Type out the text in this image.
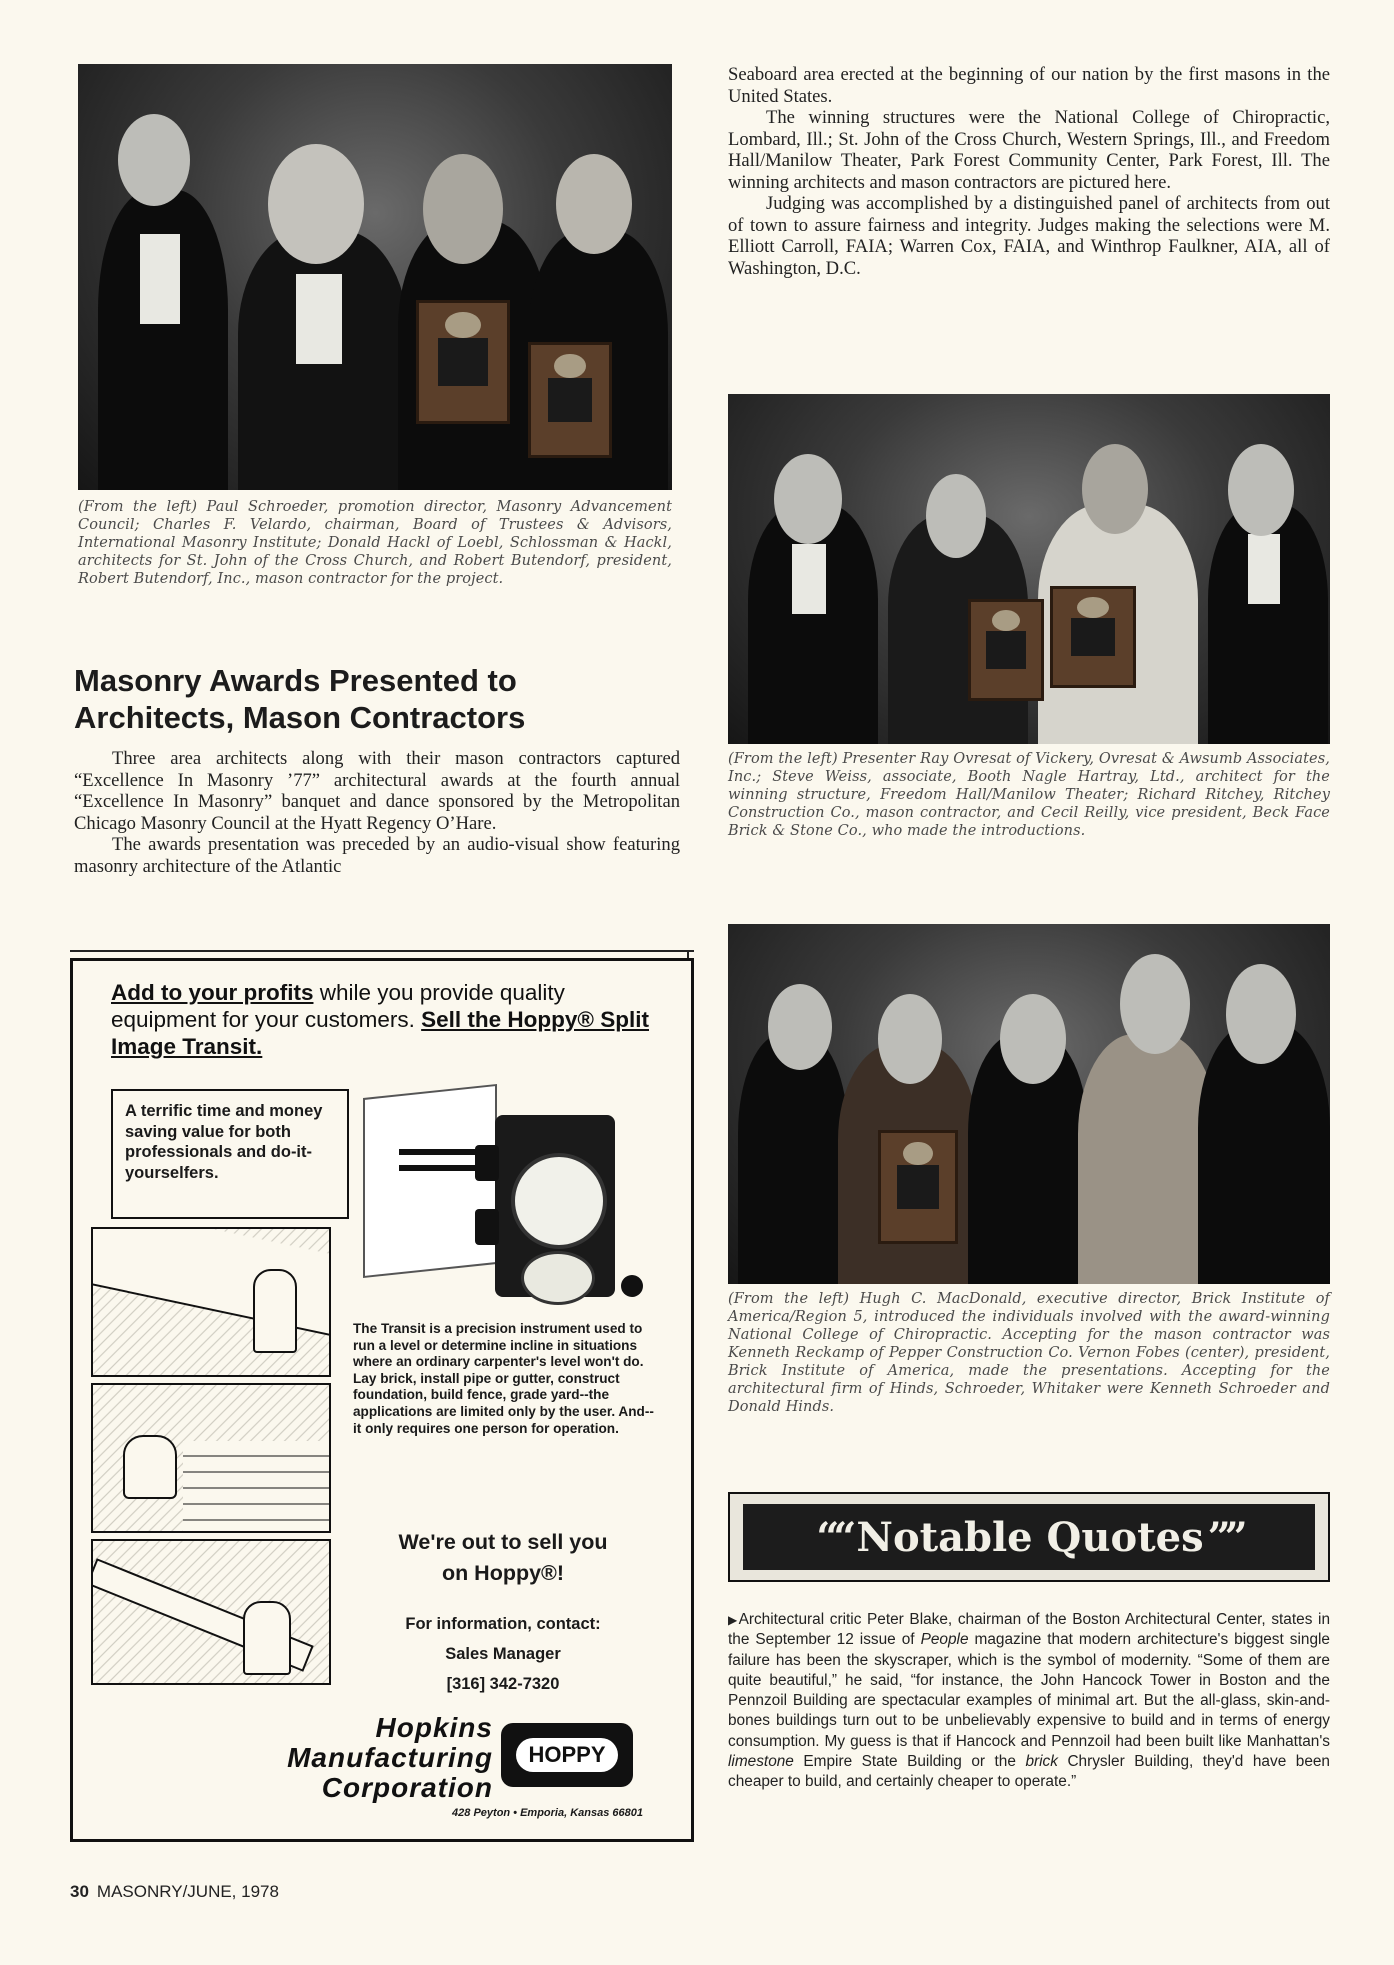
(From the left) Paul Schroeder, promotion director, Masonry Advancement Council; Charles F. Velardo, chairman, Board of Trustees & Advisors, International Masonry Institute; Donald Hackl of Loebl, Schlossman & Hackl, architects for St. John of the Cross Church, and Robert Butendorf, president, Robert Butendorf, Inc., mason contractor for the project.
Masonry Awards Presented to Architects, Mason Contractors

Three area architects along with their mason contractors captured “Excellence In Masonry ’77” architectural awards at the fourth annual “Excellence In Masonry” banquet and dance sponsored by the Metropolitan Chicago Masonry Council at the Hyatt Regency O’Hare.

The awards presentation was preceded by an audio-visual show featuring masonry architecture of the Atlantic

Seaboard area erected at the beginning of our nation by the first masons in the United States.

The winning structures were the National College of Chiropractic, Lombard, Ill.; St. John of the Cross Church, Western Springs, Ill., and Freedom Hall/Manilow Theater, Park Forest Community Center, Park Forest, Ill. The winning architects and mason contractors are pictured here.

Judging was accomplished by a distinguished panel of architects from out of town to assure fairness and integrity. Judges making the selections were M. Elliott Carroll, FAIA; Warren Cox, FAIA, and Winthrop Faulkner, AIA, all of Washington, D.C.

(From the left) Presenter Ray Ovresat of Vickery, Ovresat & Awsumb Associates, Inc.; Steve Weiss, associate, Booth Nagle Hartray, Ltd., architect for the winning structure, Freedom Hall/Manilow Theater; Richard Ritchey, Ritchey Construction Co., mason contractor, and Cecil Reilly, vice president, Beck Face Brick & Stone Co., who made the introductions.
(From the left) Hugh C. MacDonald, executive director, Brick Institute of America/Region 5, introduced the individuals involved with the award-winning National College of Chiropractic. Accepting for the mason contractor was Kenneth Reckamp of Pepper Construction Co. Vernon Fobes (center), president, Brick Institute of America, made the presentations. Accepting for the architectural firm of Hinds, Schroeder, Whitaker were Kenneth Schroeder and Donald Hinds.
Add to your profits while you provide quality equipment for your customers. Sell the Hoppy® Split Image Transit.
A terrific time and money saving value for both professionals and do-it-yourselfers.
The Transit is a precision instrument used to run a level or determine incline in situations where an ordinary carpenter's level won't do. Lay brick, install pipe or gutter, construct foundation, build fence, grade yard--the applications are limited only by the user. And--it only requires one person for operation.
We're out to sell you
on Hoppy®!
For information, contact:
Sales Manager
[316] 342-7320
Hopkins
Manufacturing
Corporation
HOPPY
428 Peyton • Emporia, Kansas 66801
““ Notable Quotes ””
▶Architectural critic Peter Blake, chairman of the Boston Architectural Center, states in the September 12 issue of People magazine that modern architecture's biggest single failure has been the skyscraper, which is the symbol of modernity. “Some of them are quite beautiful,” he said, “for instance, the John Hancock Tower in Boston and the Pennzoil Building are spectacular examples of minimal art. But the all-glass, skin-and-bones buildings turn out to be unbelievably expensive to build and in terms of energy consumption. My guess is that if Hancock and Pennzoil had been built like Manhattan's limestone Empire State Building or the brick Chrysler Building, they'd have been cheaper to build, and certainly cheaper to operate.”
30 MASONRY/JUNE, 1978
